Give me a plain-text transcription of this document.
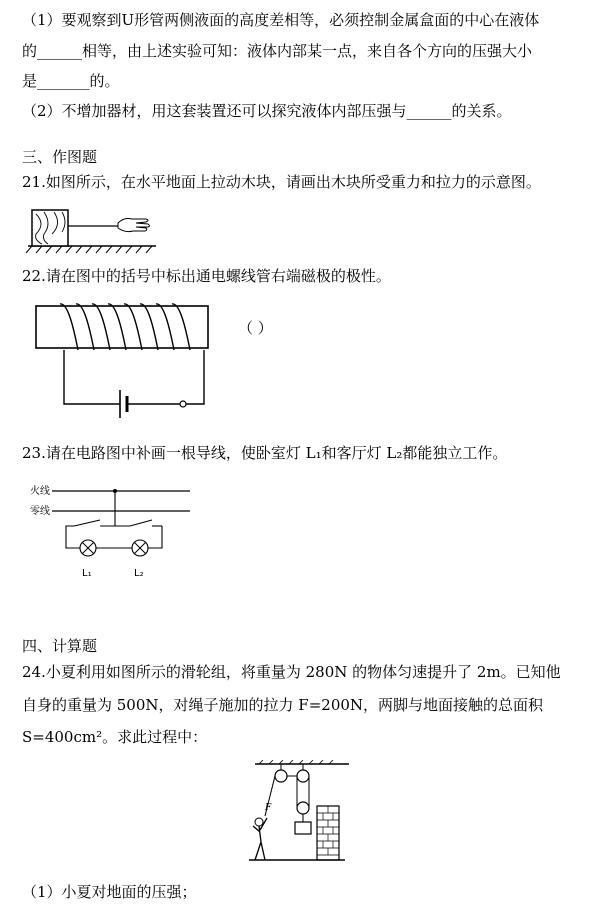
（1）要观察到U形管两侧液面的高度差相等，必须控制金属盒面的中心在液体
的______相等，由上述实验可知：液体内部某一点，来自各个方向的压强大小
是_______的。
（2）不增加器材，用这套装置还可以探究液体内部压强与______的关系。
三、作图题
21.如图所示，在水平地面上拉动木块，请画出木块所受重力和拉力的示意图。
22.请在图中的括号中标出通电螺线管右端磁极的极性。
（ ）
23.请在电路图中补画一根导线，使卧室灯 L₁和客厅灯 L₂都能独立工作。
火线
零线
L₁	L₂
四、计算题
24.小夏利用如图所示的滑轮组，将重量为 280N 的物体匀速提升了 2m。已知他
自身的重量为 500N，对绳子施加的拉力 F=200N，两脚与地面接触的总面积
S=400cm²。求此过程中：
F
（1）小夏对地面的压强；
